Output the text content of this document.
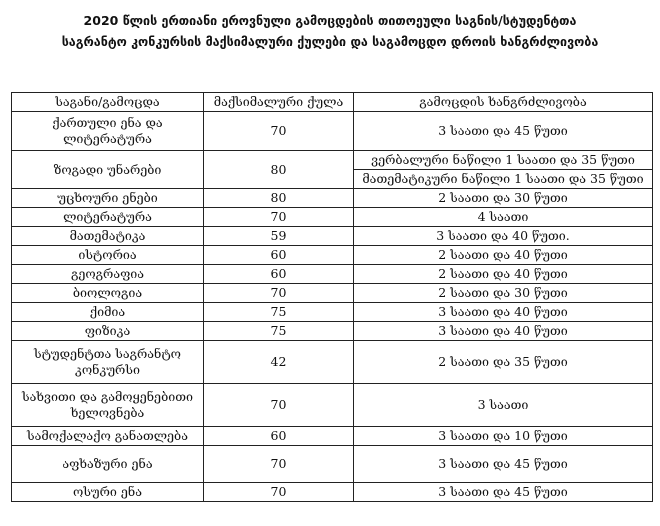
2020 წლის ერთიანი ეროვნული გამოცდების თითოეული საგნის/სტუდენტთა
საგრანტო კონკურსის მაქსიმალური ქულები და საგამოცდო დროის ხანგრძლივობა
საგანი/გამოცდა	მაქსიმალური ქულა	გამოცდის ხანგრძლივობა

ქართული ენა და
ლიტერატურა	70	3 საათი და 45 წუთი
ზოგადი უნარები	80	ვერბალური ნაწილი 1 საათი და 35 წუთი
		მათემატიკური ნაწილი 1 საათი და 35 წუთი
უცხოური ენები	80	2 საათი და 30 წუთი
ლიტერატურა	70	4 საათი
მათემატიკა	59	3 საათი და 40 წუთი.
ისტორია	60	2 საათი და 40 წუთი
გეოგრაფია	60	2 საათი და 40 წუთი
ბიოლოგია	70	2 საათი და 30 წუთი
ქიმია	75	3 საათი და 40 წუთი
ფიზიკა	75	3 საათი და 40 წუთი

სტუდენტთა საგრანტო
კონკურსი	42	2 საათი და 35 წუთი

სახვითი და გამოყენებითი
ხელოვნება	70	3 საათი
სამოქალაქო განათლება	60	3 საათი და 10 წუთი
აფხაზური ენა	70	3 საათი და 45 წუთი
ოსური ენა	70	3 საათი და 45 წუთი
